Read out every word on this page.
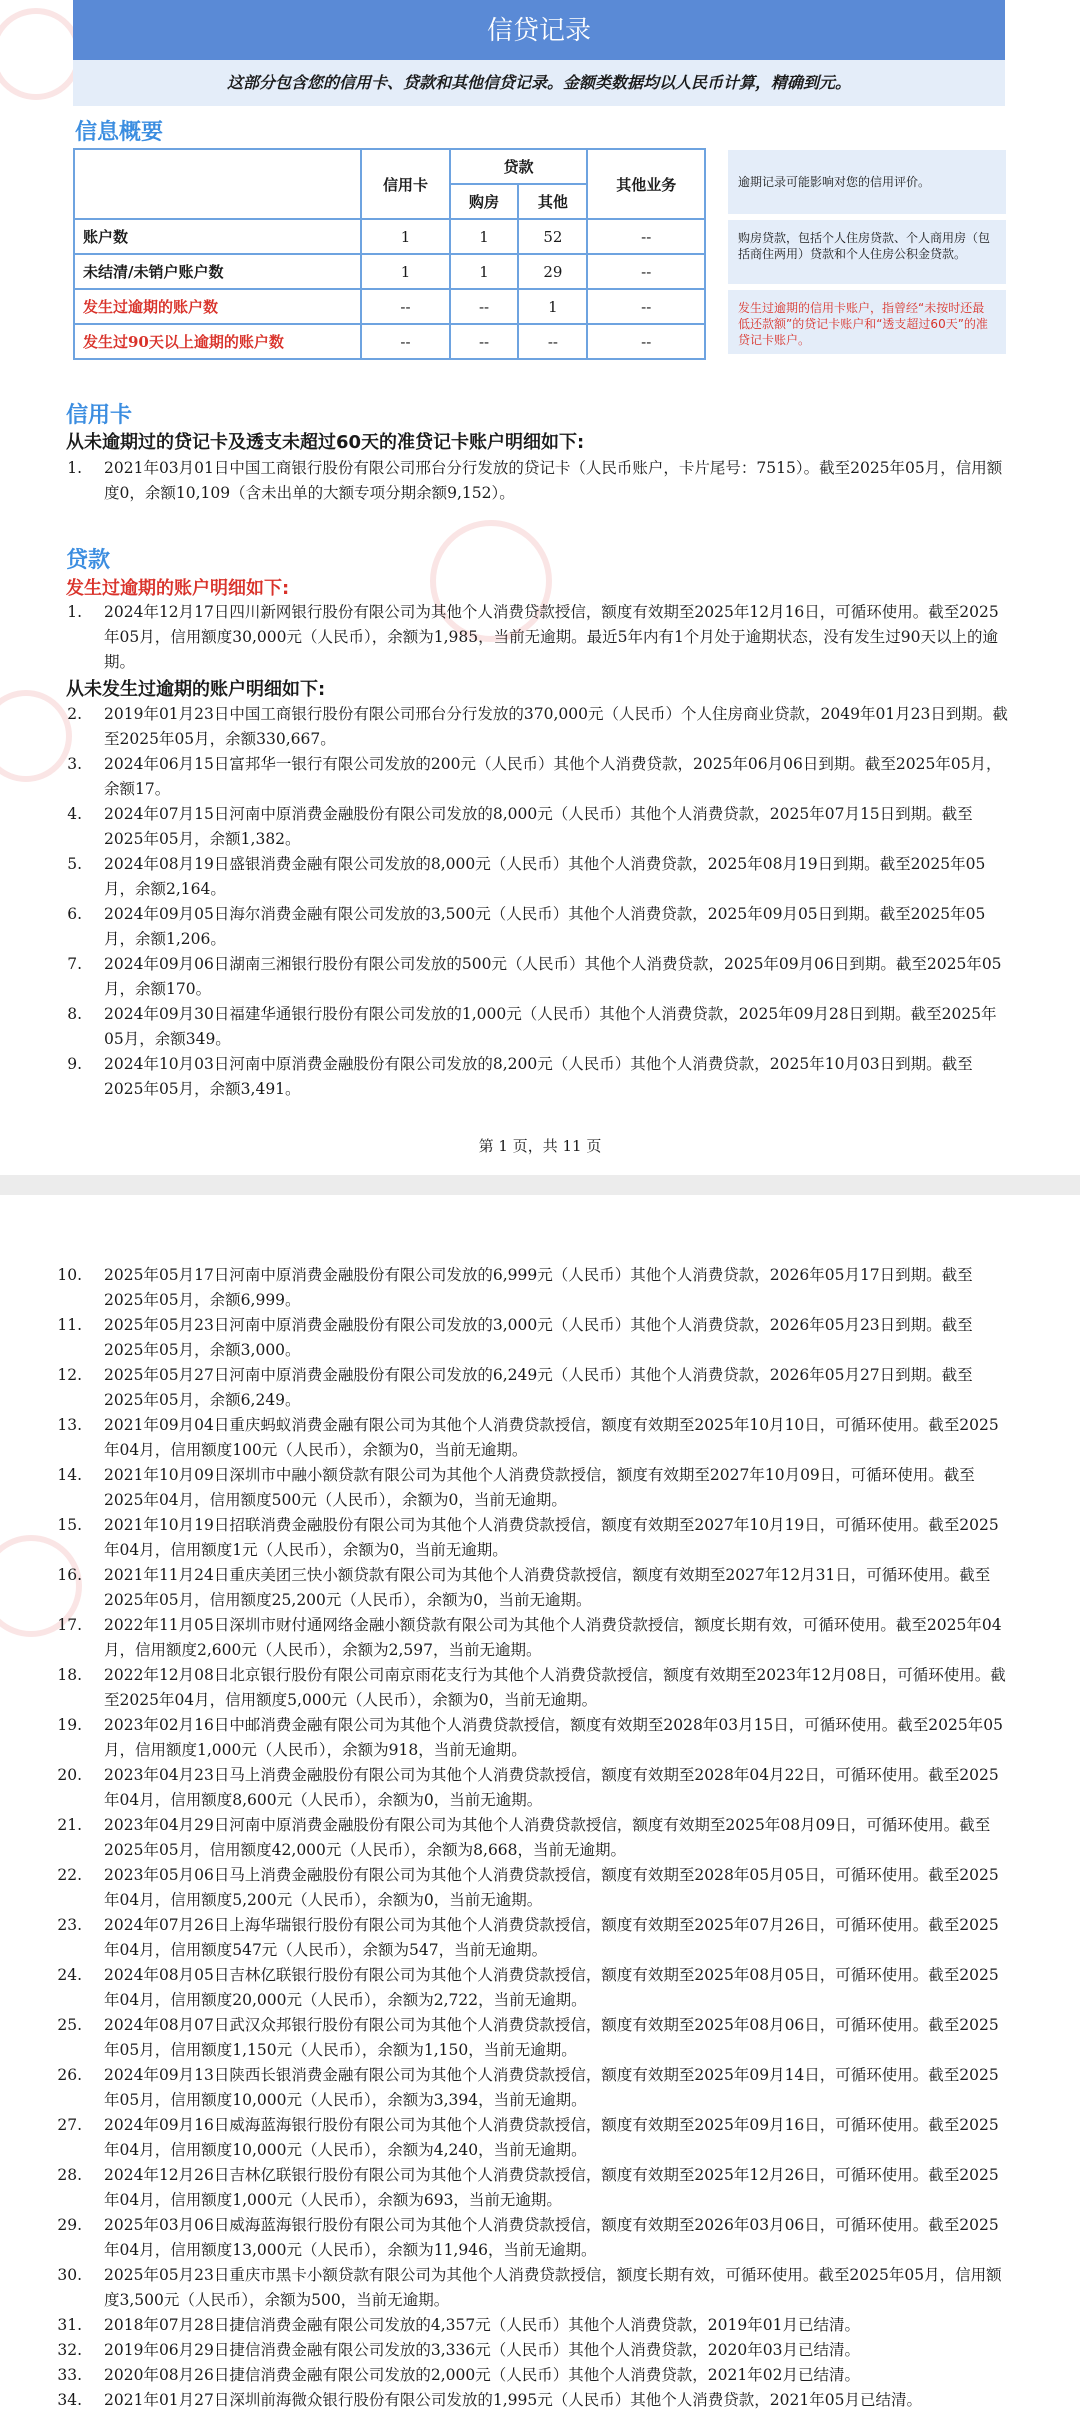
信贷记录
这部分包含您的信用卡、贷款和其他信贷记录。金额类数据均以人民币计算，精确到元。
信息概要
	信用卡	贷款		其他业务
		购房	其他	
账户数	1	1	52	--
未结清/未销户账户数	1	1	29	--
发生过逾期的账户数	--	--	1	--
发生过90天以上逾期的账户数	--	--	--	--
逾期记录可能影响对您的信用评价。
购房贷款，包括个人住房贷款、个人商用房（包括商住两用）贷款和个人住房公积金贷款。
发生过逾期的信用卡账户，指曾经“未按时还最低还款额”的贷记卡账户和“透支超过60天”的准贷记卡账户。
信用卡
从未逾期过的贷记卡及透支未超过60天的准贷记卡账户明细如下:
1.	2021年03月01日中国工商银行股份有限公司邢台分行发放的贷记卡（人民币账户，卡片尾号：7515）。截至2025年05月，信用额度0，余额10,109（含未出单的大额专项分期余额9,152）。
贷款
发生过逾期的账户明细如下:
1.	2024年12月17日四川新网银行股份有限公司为其他个人消费贷款授信，额度有效期至2025年12月16日，可循环使用。截至2025年05月，信用额度30,000元（人民币），余额为1,985，当前无逾期。最近5年内有1个月处于逾期状态，没有发生过90天以上的逾期。
从未发生过逾期的账户明细如下:
2.	2019年01月23日中国工商银行股份有限公司邢台分行发放的370,000元（人民币）个人住房商业贷款，2049年01月23日到期。截至2025年05月，余额330,667。
3.	2024年06月15日富邦华一银行有限公司发放的200元（人民币）其他个人消费贷款，2025年06月06日到期。截至2025年05月，余额17。
4.	2024年07月15日河南中原消费金融股份有限公司发放的8,000元（人民币）其他个人消费贷款，2025年07月15日到期。截至2025年05月，余额1,382。
5.	2024年08月19日盛银消费金融有限公司发放的8,000元（人民币）其他个人消费贷款，2025年08月19日到期。截至2025年05月，余额2,164。
6.	2024年09月05日海尔消费金融有限公司发放的3,500元（人民币）其他个人消费贷款，2025年09月05日到期。截至2025年05月，余额1,206。
7.	2024年09月06日湖南三湘银行股份有限公司发放的500元（人民币）其他个人消费贷款，2025年09月06日到期。截至2025年05月，余额170。
8.	2024年09月30日福建华通银行股份有限公司发放的1,000元（人民币）其他个人消费贷款，2025年09月28日到期。截至2025年05月，余额349。
9.	2024年10月03日河南中原消费金融股份有限公司发放的8,200元（人民币）其他个人消费贷款，2025年10月03日到期。截至2025年05月，余额3,491。
第 1 页，共 11 页
10.	2025年05月17日河南中原消费金融股份有限公司发放的6,999元（人民币）其他个人消费贷款，2026年05月17日到期。截至2025年05月，余额6,999。
11.	2025年05月23日河南中原消费金融股份有限公司发放的3,000元（人民币）其他个人消费贷款，2026年05月23日到期。截至2025年05月，余额3,000。
12.	2025年05月27日河南中原消费金融股份有限公司发放的6,249元（人民币）其他个人消费贷款，2026年05月27日到期。截至2025年05月，余额6,249。
13.	2021年09月04日重庆蚂蚁消费金融有限公司为其他个人消费贷款授信，额度有效期至2025年10月10日，可循环使用。截至2025年04月，信用额度100元（人民币），余额为0，当前无逾期。
14.	2021年10月09日深圳市中融小额贷款有限公司为其他个人消费贷款授信，额度有效期至2027年10月09日，可循环使用。截至2025年04月，信用额度500元（人民币），余额为0，当前无逾期。
15.	2021年10月19日招联消费金融股份有限公司为其他个人消费贷款授信，额度有效期至2027年10月19日，可循环使用。截至2025年04月，信用额度1元（人民币），余额为0，当前无逾期。
16.	2021年11月24日重庆美团三快小额贷款有限公司为其他个人消费贷款授信，额度有效期至2027年12月31日，可循环使用。截至2025年05月，信用额度25,200元（人民币），余额为0，当前无逾期。
17.	2022年11月05日深圳市财付通网络金融小额贷款有限公司为其他个人消费贷款授信，额度长期有效，可循环使用。截至2025年04月，信用额度2,600元（人民币），余额为2,597，当前无逾期。
18.	2022年12月08日北京银行股份有限公司南京雨花支行为其他个人消费贷款授信，额度有效期至2023年12月08日，可循环使用。截至2025年04月，信用额度5,000元（人民币），余额为0，当前无逾期。
19.	2023年02月16日中邮消费金融有限公司为其他个人消费贷款授信，额度有效期至2028年03月15日，可循环使用。截至2025年05月，信用额度1,000元（人民币），余额为918，当前无逾期。
20.	2023年04月23日马上消费金融股份有限公司为其他个人消费贷款授信，额度有效期至2028年04月22日，可循环使用。截至2025年04月，信用额度8,600元（人民币），余额为0，当前无逾期。
21.	2023年04月29日河南中原消费金融股份有限公司为其他个人消费贷款授信，额度有效期至2025年08月09日，可循环使用。截至2025年05月，信用额度42,000元（人民币），余额为8,668，当前无逾期。
22.	2023年05月06日马上消费金融股份有限公司为其他个人消费贷款授信，额度有效期至2028年05月05日，可循环使用。截至2025年04月，信用额度5,200元（人民币），余额为0，当前无逾期。
23.	2024年07月26日上海华瑞银行股份有限公司为其他个人消费贷款授信，额度有效期至2025年07月26日，可循环使用。截至2025年04月，信用额度547元（人民币），余额为547，当前无逾期。
24.	2024年08月05日吉林亿联银行股份有限公司为其他个人消费贷款授信，额度有效期至2025年08月05日，可循环使用。截至2025年04月，信用额度20,000元（人民币），余额为2,722，当前无逾期。
25.	2024年08月07日武汉众邦银行股份有限公司为其他个人消费贷款授信，额度有效期至2025年08月06日，可循环使用。截至2025年05月，信用额度1,150元（人民币），余额为1,150，当前无逾期。
26.	2024年09月13日陕西长银消费金融有限公司为其他个人消费贷款授信，额度有效期至2025年09月14日，可循环使用。截至2025年05月，信用额度10,000元（人民币），余额为3,394，当前无逾期。
27.	2024年09月16日威海蓝海银行股份有限公司为其他个人消费贷款授信，额度有效期至2025年09月16日，可循环使用。截至2025年04月，信用额度10,000元（人民币），余额为4,240，当前无逾期。
28.	2024年12月26日吉林亿联银行股份有限公司为其他个人消费贷款授信，额度有效期至2025年12月26日，可循环使用。截至2025年04月，信用额度1,000元（人民币），余额为693，当前无逾期。
29.	2025年03月06日威海蓝海银行股份有限公司为其他个人消费贷款授信，额度有效期至2026年03月06日，可循环使用。截至2025年04月，信用额度13,000元（人民币），余额为11,946，当前无逾期。
30.	2025年05月23日重庆市黑卡小额贷款有限公司为其他个人消费贷款授信，额度长期有效，可循环使用。截至2025年05月，信用额度3,500元（人民币），余额为500，当前无逾期。
31.	2018年07月28日捷信消费金融有限公司发放的4,357元（人民币）其他个人消费贷款，2019年01月已结清。
32.	2019年06月29日捷信消费金融有限公司发放的3,336元（人民币）其他个人消费贷款，2020年03月已结清。
33.	2020年08月26日捷信消费金融有限公司发放的2,000元（人民币）其他个人消费贷款，2021年02月已结清。
34.	2021年01月27日深圳前海微众银行股份有限公司发放的1,995元（人民币）其他个人消费贷款，2021年05月已结清。
